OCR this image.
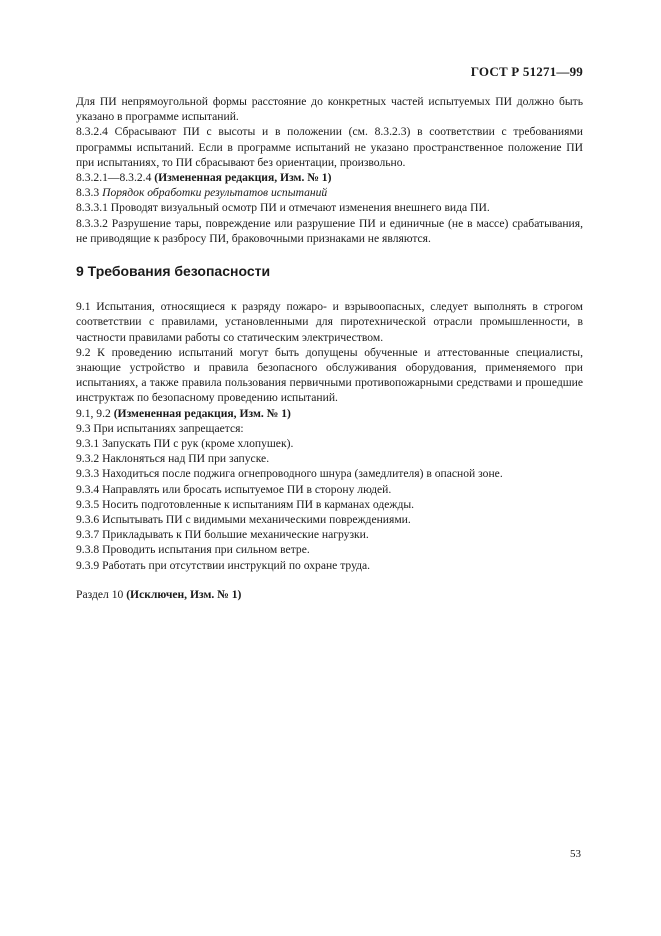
ГОСТ Р 51271—99

Для ПИ непрямоугольной формы расстояние до конкретных частей испытуемых ПИ должно быть указано в программе испытаний.

8.3.2.4 Сбрасывают ПИ с высоты и в положении (см. 8.3.2.3) в соответствии с требованиями программы испытаний. Если в программе испытаний не указано пространственное положение ПИ при испытаниях, то ПИ сбрасывают без ориентации, произвольно.

8.3.2.1—8.3.2.4 (Измененная редакция, Изм. № 1)

8.3.3 Порядок обработки результатов испытаний

8.3.3.1 Проводят визуальный осмотр ПИ и отмечают изменения внешнего вида ПИ.

8.3.3.2 Разрушение тары, повреждение или разрушение ПИ и единичные (не в массе) срабатывания, не приводящие к разбросу ПИ, браковочными признаками не являются.

9 Требования безопасности

9.1 Испытания, относящиеся к разряду пожаро- и взрывоопасных, следует выполнять в строгом соответствии с правилами, установленными для пиротехнической отрасли промышленности, в частности правилами работы со статическим электричеством.

9.2 К проведению испытаний могут быть допущены обученные и аттестованные специалисты, знающие устройство и правила безопасного обслуживания оборудования, применяемого при испытаниях, а также правила пользования первичными противопожарными средствами и прошедшие инструктаж по безопасному проведению испытаний.

9.1, 9.2 (Измененная редакция, Изм. № 1)

9.3 При испытаниях запрещается:

9.3.1 Запускать ПИ с рук (кроме хлопушек).

9.3.2 Наклоняться над ПИ при запуске.

9.3.3 Находиться после поджига огнепроводного шнура (замедлителя) в опасной зоне.

9.3.4 Направлять или бросать испытуемое ПИ в сторону людей.

9.3.5 Носить подготовленные к испытаниям ПИ в карманах одежды.

9.3.6 Испытывать ПИ с видимыми механическими повреждениями.

9.3.7 Прикладывать к ПИ большие механические нагрузки.

9.3.8 Проводить испытания при сильном ветре.

9.3.9 Работать при отсутствии инструкций по охране труда.

Раздел 10 (Исключен, Изм. № 1)

53
